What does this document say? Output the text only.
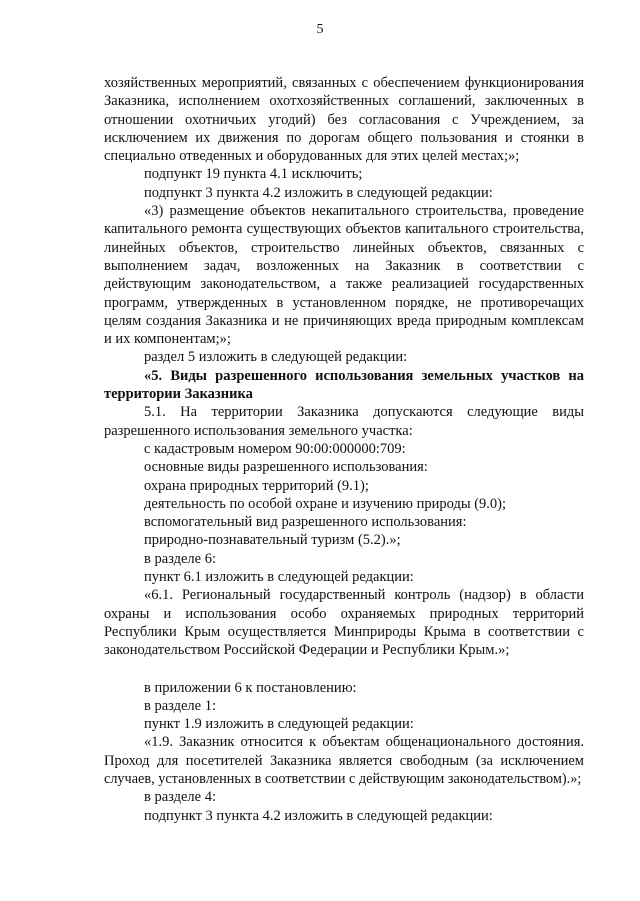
5
хозяйственных мероприятий, связанных с обеспечением функционирования
Заказника, исполнением охотхозяйственных соглашений, заключенных в
отношении охотничьих угодий) без согласования с Учреждением, за
исключением их движения по дорогам общего пользования и стоянки в
специально отведенных и оборудованных для этих целей местах;»;
подпункт 19 пункта 4.1 исключить;
подпункт 3 пункта 4.2 изложить в следующей редакции:
«3) размещение объектов некапитального строительства, проведение
капитального ремонта существующих объектов капитального строительства,
линейных объектов, строительство линейных объектов, связанных с
выполнением задач, возложенных на Заказник в соответствии с
действующим законодательством, а также реализацией государственных
программ, утвержденных в установленном порядке, не противоречащих
целям создания Заказника и не причиняющих вреда природным комплексам
и их компонентам;»;
раздел 5 изложить в следующей редакции:
«5. Виды разрешенного использования земельных участков на
территории Заказника
5.1. На территории Заказника допускаются следующие виды
разрешенного использования земельного участка:
с кадастровым номером 90:00:000000:709:
основные виды разрешенного использования:
охрана природных территорий (9.1);
деятельность по особой охране и изучению природы (9.0);
вспомогательный вид разрешенного использования:
природно-познавательный туризм (5.2).»;
в разделе 6:
пункт 6.1 изложить в следующей редакции:
«6.1. Региональный государственный контроль (надзор) в области
охраны и использования особо охраняемых природных территорий
Республики Крым осуществляется Минприроды Крыма в соответствии с
законодательством Российской Федерации и Республики Крым.»;
в приложении 6 к постановлению:
в разделе 1:
пункт 1.9 изложить в следующей редакции:
«1.9. Заказник относится к объектам общенационального достояния.
Проход для посетителей Заказника является свободным (за исключением
случаев, установленных в соответствии с действующим законодательством).»;
в разделе 4:
подпункт 3 пункта 4.2 изложить в следующей редакции:
